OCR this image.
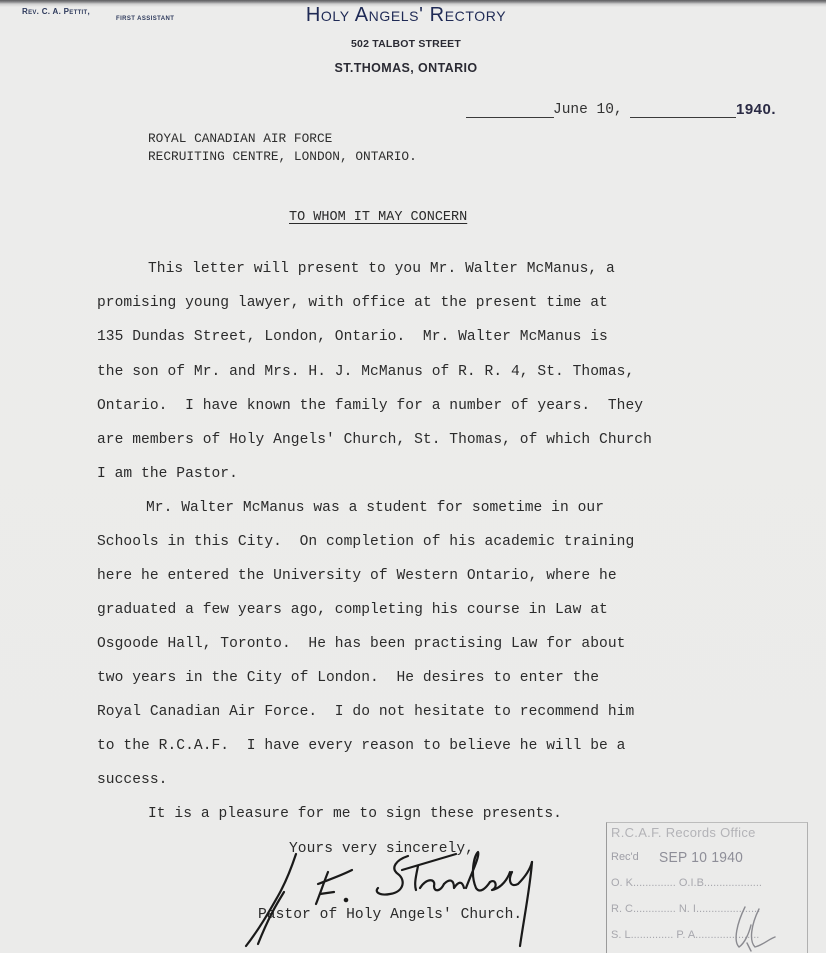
Rev. C. A. Pettit,
FIRST ASSISTANT	Holy Angels' Rectory
502 TALBOT STREET
ST.THOMAS, ONTARIO
June 10,	1940.
ROYAL CANADIAN AIR FORCE
RECRUITING CENTRE, LONDON, ONTARIO.
TO WHOM IT MAY CONCERN
This letter will present to you Mr. Walter McManus, a
promising young lawyer, with office at the present time at
135 Dundas Street, London, Ontario.  Mr. Walter McManus is
the son of Mr. and Mrs. H. J. McManus of R. R. 4, St. Thomas,
Ontario.  I have known the family for a number of years.  They
are members of Holy Angels' Church, St. Thomas, of which Church
I am the Pastor.
Mr. Walter McManus was a student for sometime in our
Schools in this City.  On completion of his academic training
here he entered the University of Western Ontario, where he
graduated a few years ago, completing his course in Law at
Osgoode Hall, Toronto.  He has been practising Law for about
two years in the City of London.  He desires to enter the
Royal Canadian Air Force.  I do not hesitate to recommend him
to the R.C.A.F.  I have every reason to believe he will be a
success.
It is a pleasure for me to sign these presents.
Yours very sincerely,
Pastor of Holy Angels' Church.
R.C.A.F. Records Office
Rec'd SEP 10 1940
O. K.............. O.I.B...................
R. C.............. N. I.....................
S. L.............. P. A.....................
